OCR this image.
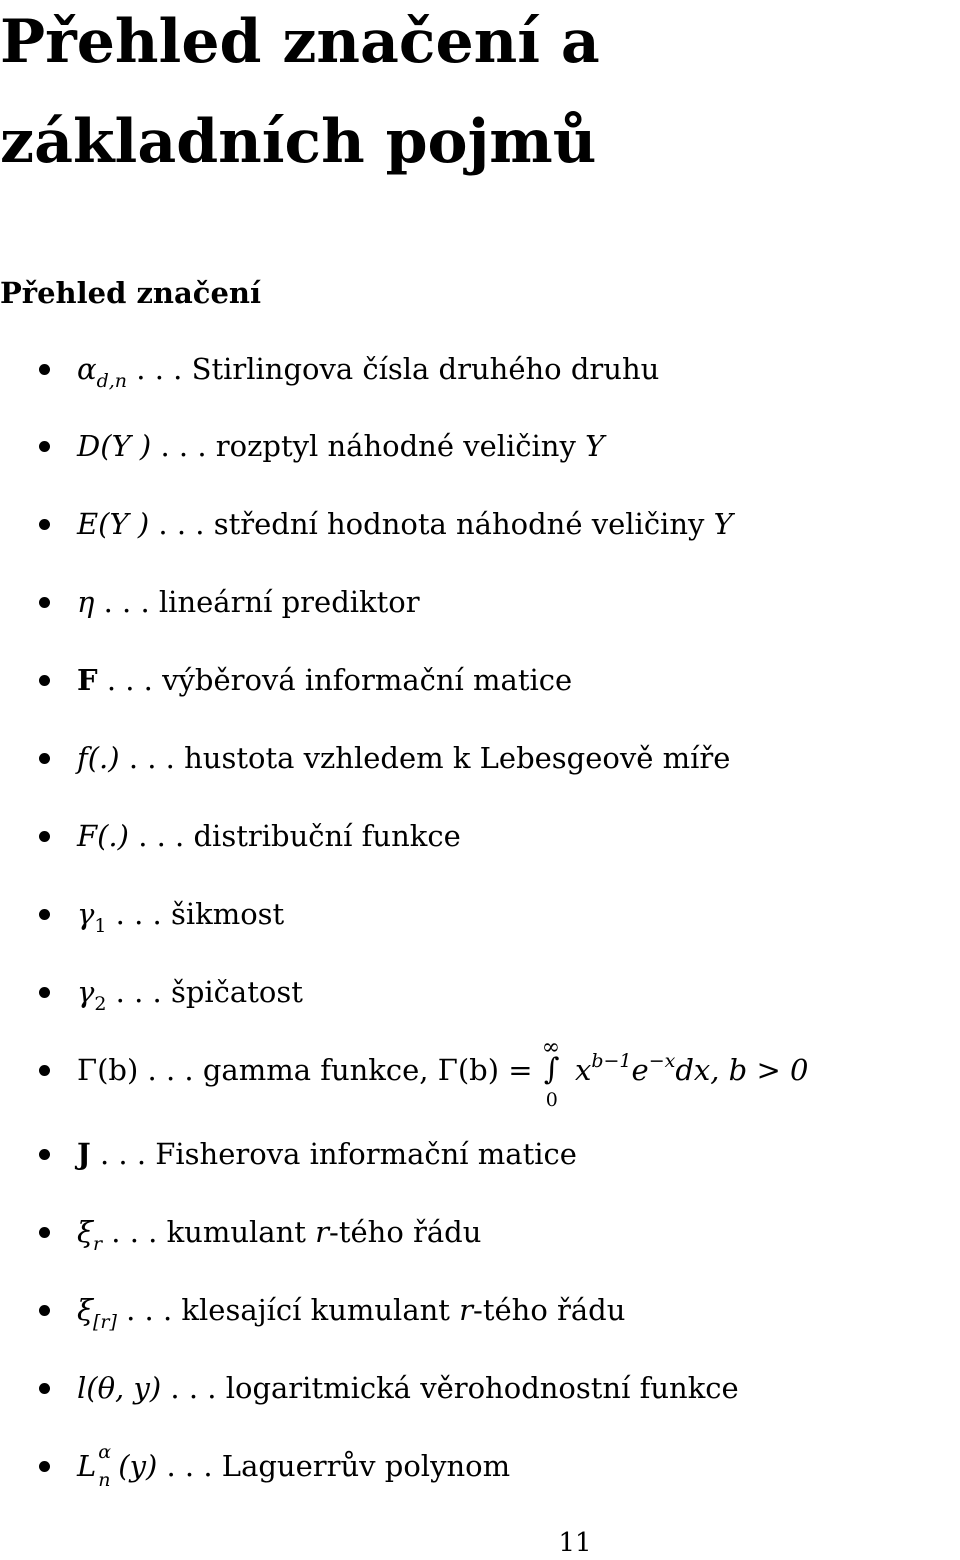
Přehled značení a základních pojmů
Přehled značení
$\alpha_{d,n}$ . . . Stirlingova čísla druhého druhu
D(Y ) . . . rozptyl náhodné veličiny Y
E(Y ) . . . střední hodnota náhodné veličiny Y
η . . . lineární prediktor
F . . . výběrová informační matice
f(.) . . . hustota vzhledem k Lebesgeově míře
F(.) . . . distribuční funkce
$\gamma_1$ . . . šikmost
$\gamma_2$ . . . špičatost
Γ(b) . . . gamma funkce, Γ(b) =
∞
∫
0
$x^{b-1}e^{-x}dx$, b > 0
J . . . Fisherova informační matice
$\xi_r$ . . . kumulant r-tého řádu
$\xi_{[r]}$ . . . klesající kumulant r-tého řádu
l(θ, y) . . . logaritmická věrohodnostní funkce
L α
n (y) . . . Laguerrův polynom
11
